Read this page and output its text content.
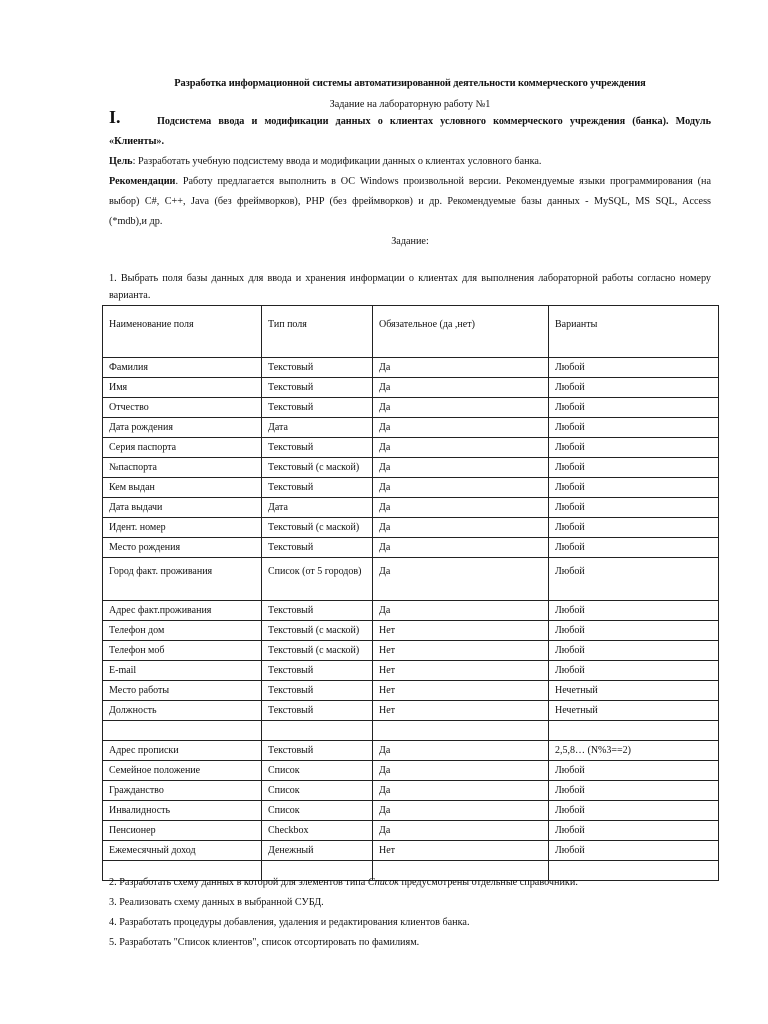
Разработка информационной системы автоматизированной деятельности коммерческого учреждения
Задание на лабораторную работу №1
I.	Подсистема ввода и модификации данных о клиентах условного коммерческого учреждения (банка). Модуль
«Клиенты».
Цель: Разработать учебную подсистему ввода и модификации данных о клиентах условного банка.
Рекомендации. Работу предлагается выполнить в ОС Windows произвольной версии. Рекомендуемые языки программирования (на
выбор) C#, C++, Java (без фреймворков), PHP (без фреймворков) и др. Рекомендуемые базы данных - MySQL, MS SQL, Access
(*mdb),и др.
Задание:
1. Выбрать поля базы данных для ввода и хранения информации о клиентах для выполнения лабораторной работы согласно номеру
варианта.
Наименование поля	Тип поля	Обязательное (да ,нет)	Варианты
Фамилия	Текстовый	Да	Любой
Имя	Текстовый	Да	Любой
Отчество	Текстовый	Да	Любой
Дата рождения	Дата	Да	Любой
Серия паспорта	Текстовый	Да	Любой
№паспорта	Текстовый (с маской)	Да	Любой
Кем выдан	Текстовый	Да	Любой
Дата выдачи	Дата	Да	Любой
Идент. номер	Текстовый (с маской)	Да	Любой
Место рождения	Текстовый	Да	Любой
Город факт. проживания	Список (от 5 городов)	Да	Любой
Адрес факт.проживания	Текстовый	Да	Любой
Телефон дом	Текстовый (с маской)	Нет	Любой
Телефон моб	Текстовый (с маской)	Нет	Любой
E-mail	Текстовый	Нет	Любой
Место работы	Текстовый	Нет	Нечетный
Должность	Текстовый	Нет	Нечетный

Адрес прописки	Текстовый	Да	2,5,8… (N%3==2)
Семейное положение	Список	Да	Любой
Гражданство	Список	Да	Любой
Инвалидность	Список	Да	Любой
Пенсионер	Checkbox	Да	Любой
Ежемесячный доход	Денежный	Нет	Любой

2. Разработать схему данных в которой для элементов типа Список предусмотрены отдельные справочники.
3. Реализовать схему данных в выбранной СУБД.
4. Разработать процедуры добавления, удаления и редактирования клиентов банка.
5. Разработать "Список клиентов", список отсортировать по фамилиям.
